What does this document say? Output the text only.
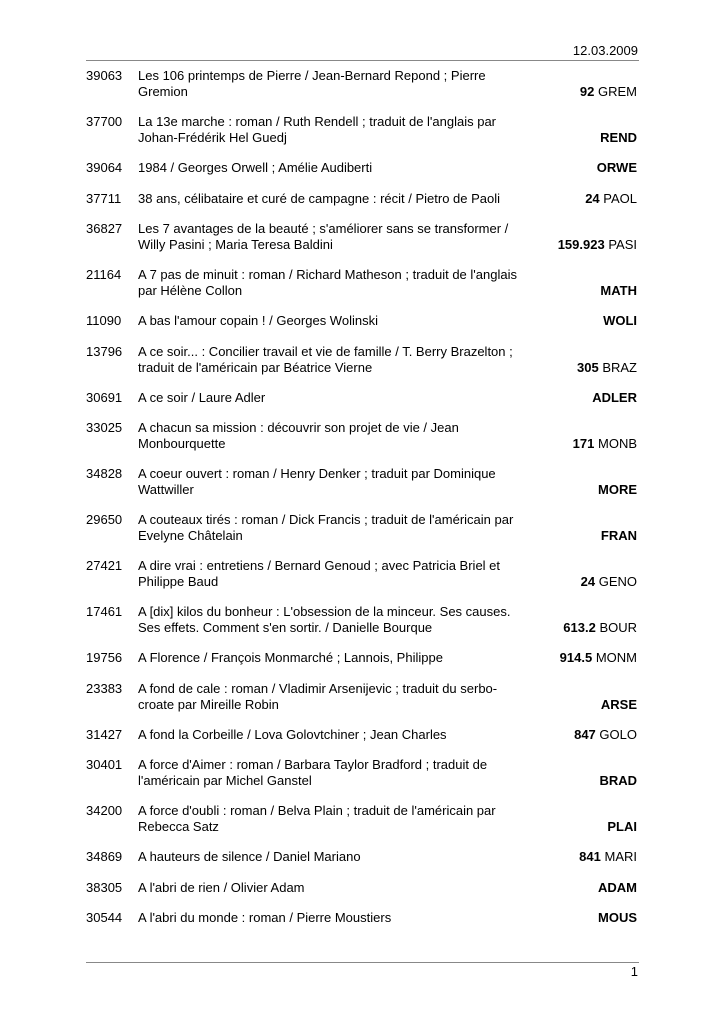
12.03.2009
39063 Les 106 printemps de Pierre / Jean-Bernard Repond ; Pierre
Gremion	92 GREM
37700 La 13e marche : roman / Ruth Rendell ; traduit de l'anglais par
Johan-Frédérik Hel Guedj	REND
39064 1984 / Georges Orwell ; Amélie Audiberti	ORWE
37711 38 ans, célibataire et curé de campagne : récit / Pietro de Paoli	24 PAOL
36827 Les 7 avantages de la beauté ; s'améliorer sans se transformer /
Willy Pasini ; Maria Teresa Baldini	159.923 PASI
21164 A 7 pas de minuit : roman / Richard Matheson ; traduit de l'anglais
par Hélène Collon	MATH
11090 A bas l'amour copain ! / Georges Wolinski	WOLI
13796 A ce soir... : Concilier travail et vie de famille / T. Berry Brazelton ;
traduit de l'américain par Béatrice Vierne	305 BRAZ
30691 A ce soir / Laure Adler	ADLER
33025 A chacun sa mission : découvrir son projet de vie / Jean
Monbourquette	171 MONB
34828 A coeur ouvert : roman / Henry Denker ; traduit par Dominique
Wattwiller	MORE
29650 A couteaux tirés : roman / Dick Francis ; traduit de l'américain par
Evelyne Châtelain	FRAN
27421 A dire vrai : entretiens / Bernard Genoud ; avec Patricia Briel et
Philippe Baud	24 GENO
17461 A [dix] kilos du bonheur : L'obsession de la minceur. Ses causes.
Ses effets. Comment s'en sortir. / Danielle Bourque	613.2 BOUR
19756 A Florence / François Monmarché ; Lannois, Philippe	914.5 MONM
23383 A fond de cale : roman / Vladimir Arsenijevic ; traduit du serbo-
croate par Mireille Robin	ARSE
31427 A fond la Corbeille / Lova Golovtchiner ; Jean Charles	847 GOLO
30401 A force d'Aimer : roman / Barbara Taylor Bradford ; traduit de
l'américain par Michel Ganstel	BRAD
34200 A force d'oubli : roman / Belva Plain ; traduit de l'américain par
Rebecca Satz	PLAI
34869 A hauteurs de silence / Daniel Mariano	841 MARI
38305 A l'abri de rien / Olivier Adam	ADAM
30544 A l'abri du monde : roman / Pierre Moustiers	MOUS
1
